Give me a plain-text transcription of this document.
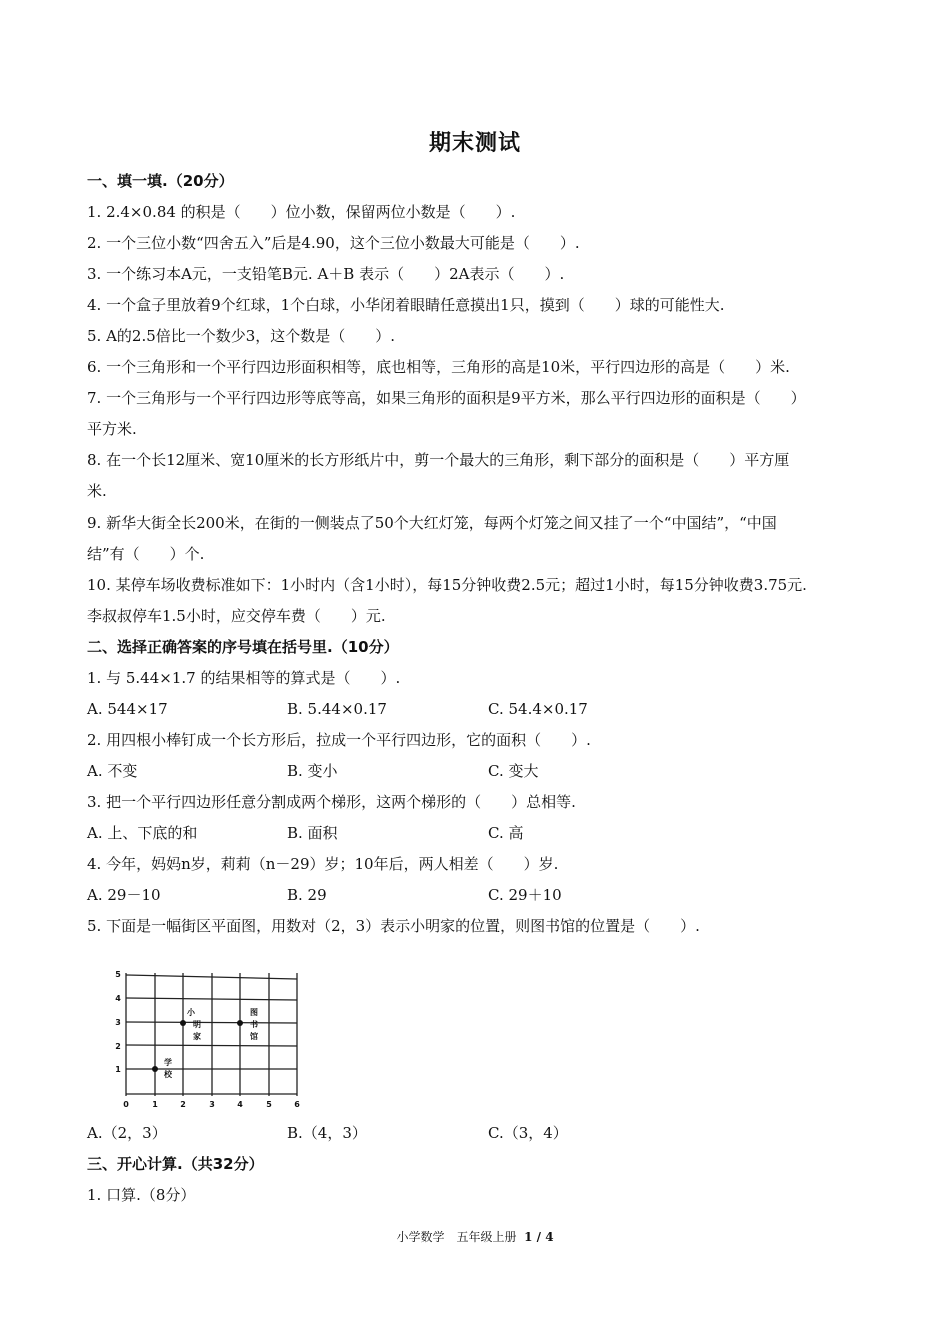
期末测试
一、填一填.（20分）
1. 2.4×0.84 的积是（　　）位小数，保留两位小数是（　　）.
2. 一个三位小数“四舍五入”后是4.90，这个三位小数最大可能是（　　）.
3. 一个练习本A元，一支铅笔B元. A＋B 表示（　　）2A表示（　　）.
4. 一个盒子里放着9个红球，1个白球，小华闭着眼睛任意摸出1只，摸到（　　）球的可能性大.
5. A的2.5倍比一个数少3，这个数是（　　）.
6. 一个三角形和一个平行四边形面积相等，底也相等，三角形的高是10米，平行四边形的高是（　　）米.
7. 一个三角形与一个平行四边形等底等高，如果三角形的面积是9平方米，那么平行四边形的面积是（　　）
平方米.
8. 在一个长12厘米、宽10厘米的长方形纸片中，剪一个最大的三角形，剩下部分的面积是（　　）平方厘
米.
9. 新华大街全长200米，在街的一侧装点了50个大红灯笼，每两个灯笼之间又挂了一个“中国结”，“中国
结”有（　　）个.
10. 某停车场收费标准如下：1小时内（含1小时），每15分钟收费2.5元；超过1小时，每15分钟收费3.75元.
李叔叔停车1.5小时，应交停车费（　　）元.
二、选择正确答案的序号填在括号里.（10分）
1. 与 5.44×1.7 的结果相等的算式是（　　）.
A. 544×17	B. 5.44×0.17	C. 54.4×0.17
2. 用四根小棒钉成一个长方形后，拉成一个平行四边形，它的面积（　　）.
A. 不变	B. 变小	C. 变大
3. 把一个平行四边形任意分割成两个梯形，这两个梯形的（　　）总相等.
A. 上、下底的和	B. 面积	C. 高
4. 今年，妈妈n岁，莉莉（n－29）岁；10年后，两人相差（　　）岁.
A. 29－10	B. 29	C. 29＋10
5. 下面是一幅街区平面图，用数对（2，3）表示小明家的位置，则图书馆的位置是（　　）.
0	1	2	3	4	5	6
1
2
3
4
5
小
明
家
图
书
馆
学
校
A.（2，3）	B.（4，3）	C.（3，4）
三、开心计算.（共32分）
1. 口算.（8分）
小学数学　五年级上册 1 / 4
